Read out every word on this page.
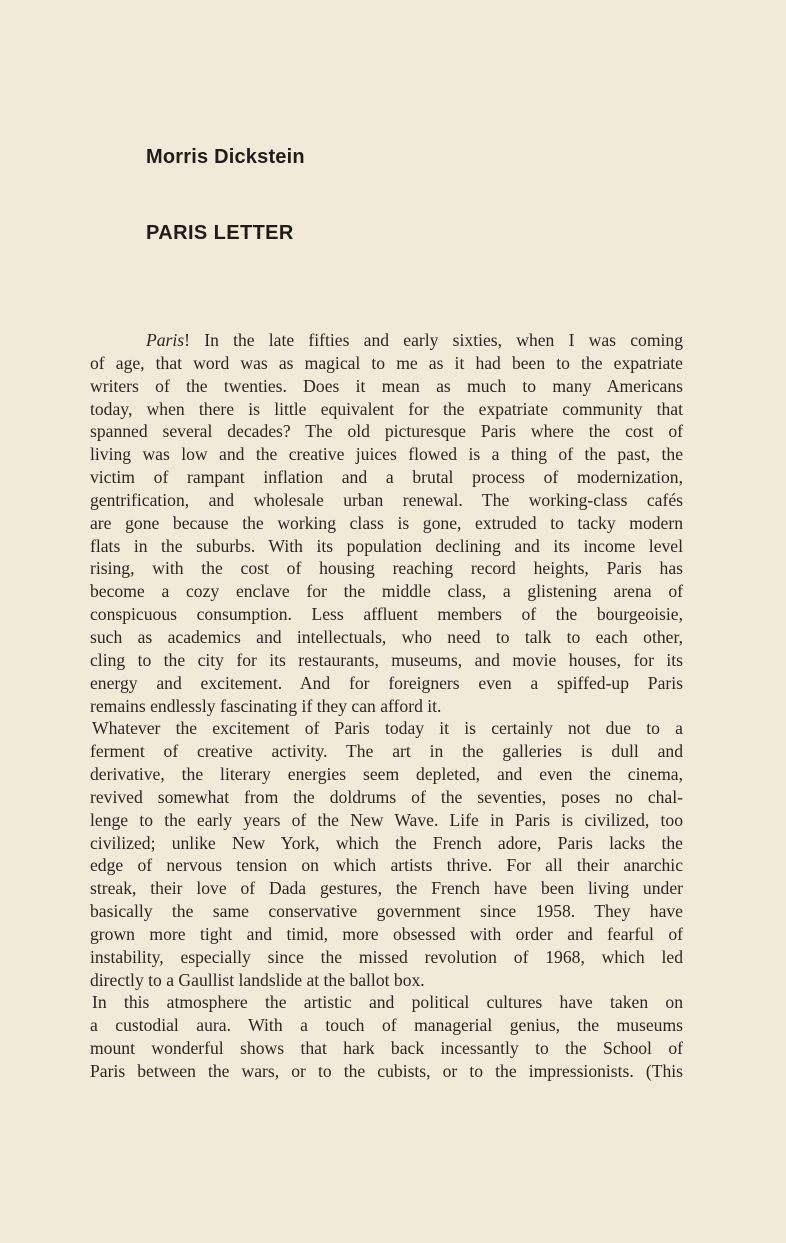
Morris Dickstein
PARIS LETTER
Paris! In the late fifties and early sixties, when I was coming
of age, that word was as magical to me as it had been to the expatriate
writers of the twenties. Does it mean as much to many Americans
today, when there is little equivalent for the expatriate community that
spanned several decades? The old picturesque Paris where the cost of
living was low and the creative juices flowed is a thing of the past, the
victim of rampant inflation and a brutal process of modernization,
gentrification, and wholesale urban renewal. The working-class cafés
are gone because the working class is gone, extruded to tacky modern
flats in the suburbs. With its population declining and its income level
rising, with the cost of housing reaching record heights, Paris has
become a cozy enclave for the middle class, a glistening arena of
conspicuous consumption. Less affluent members of the bourgeoisie,
such as academics and intellectuals, who need to talk to each other,
cling to the city for its restaurants, museums, and movie houses, for its
energy and excitement. And for foreigners even a spiffed-up Paris
remains endlessly fascinating if they can afford it.
Whatever the excitement of Paris today it is certainly not due to a
ferment of creative activity. The art in the galleries is dull and
derivative, the literary energies seem depleted, and even the cinema,
revived somewhat from the doldrums of the seventies, poses no chal-
lenge to the early years of the New Wave. Life in Paris is civilized, too
civilized; unlike New York, which the French adore, Paris lacks the
edge of nervous tension on which artists thrive. For all their anarchic
streak, their love of Dada gestures, the French have been living under
basically the same conservative government since 1958. They have
grown more tight and timid, more obsessed with order and fearful of
instability, especially since the missed revolution of 1968, which led
directly to a Gaullist landslide at the ballot box.
In this atmosphere the artistic and political cultures have taken on
a custodial aura. With a touch of managerial genius, the museums
mount wonderful shows that hark back incessantly to the School of
Paris between the wars, or to the cubists, or to the impressionists. (This
